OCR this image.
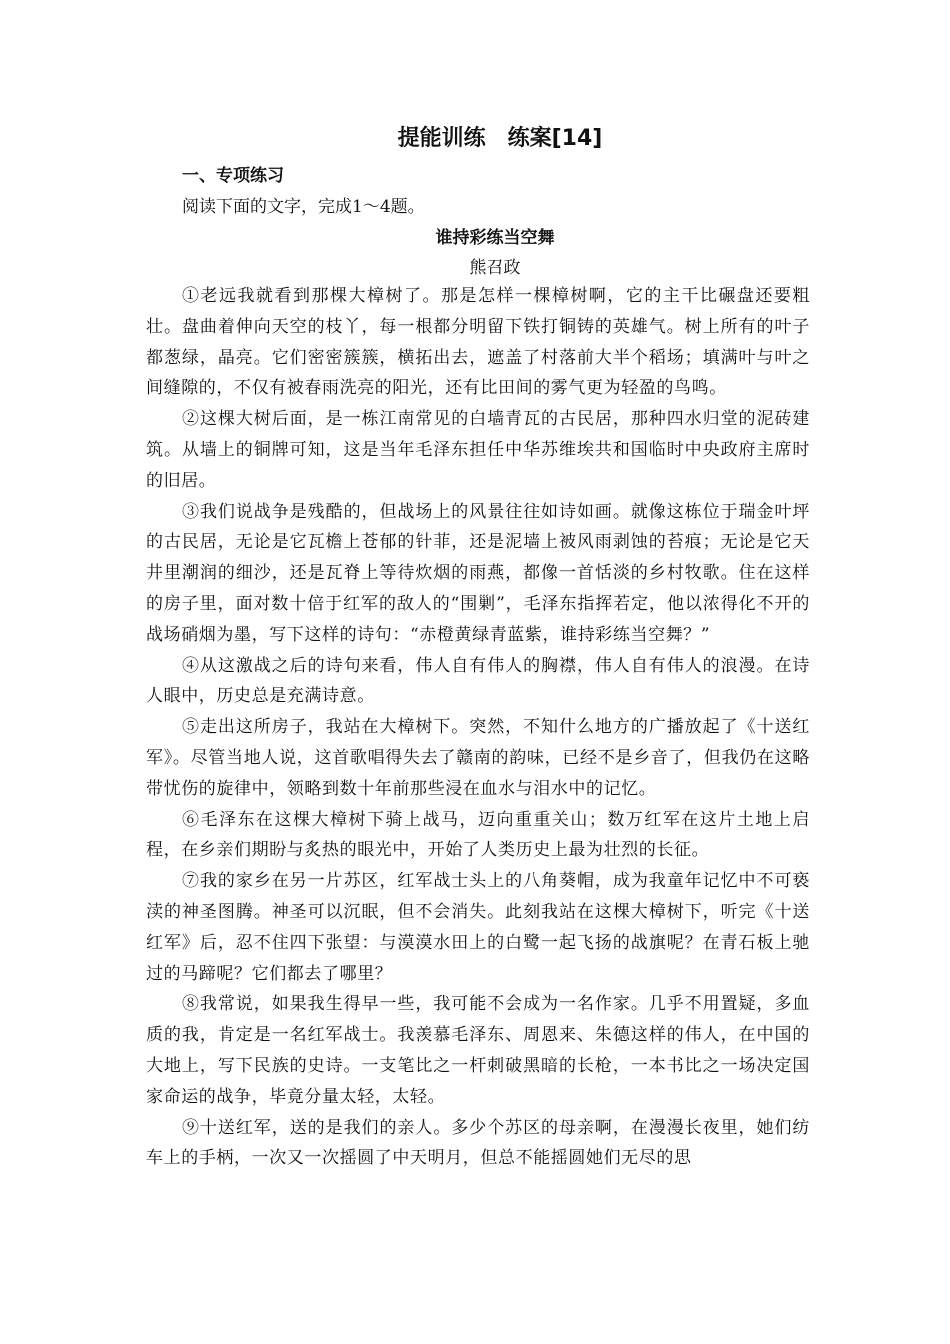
提能训练　练案[14]
一、专项练习
阅读下面的文字，完成1～4题。
谁持彩练当空舞
熊召政

①老远我就看到那棵大樟树了。那是怎样一棵樟树啊，它的主干比碾盘还要粗壮。盘曲着伸向天空的枝丫，每一根都分明留下铁打铜铸的英雄气。树上所有的叶子都葱绿，晶亮。它们密密簇簇，横拓出去，遮盖了村落前大半个稻场；填满叶与叶之间缝隙的，不仅有被春雨洗亮的阳光，还有比田间的雾气更为轻盈的鸟鸣。

②这棵大树后面，是一栋江南常见的白墙青瓦的古民居，那种四水归堂的泥砖建筑。从墙上的铜牌可知，这是当年毛泽东担任中华苏维埃共和国临时中央政府主席时的旧居。

③我们说战争是残酷的，但战场上的风景往往如诗如画。就像这栋位于瑞金叶坪的古民居，无论是它瓦檐上苍郁的针菲，还是泥墙上被风雨剥蚀的苔痕；无论是它天井里潮润的细沙，还是瓦脊上等待炊烟的雨燕，都像一首恬淡的乡村牧歌。住在这样的房子里，面对数十倍于红军的敌人的“围剿”，毛泽东指挥若定，他以浓得化不开的战场硝烟为墨，写下这样的诗句：“赤橙黄绿青蓝紫，谁持彩练当空舞？”

④从这激战之后的诗句来看，伟人自有伟人的胸襟，伟人自有伟人的浪漫。在诗人眼中，历史总是充满诗意。

⑤走出这所房子，我站在大樟树下。突然，不知什么地方的广播放起了《十送红军》。尽管当地人说，这首歌唱得失去了赣南的韵味，已经不是乡音了，但我仍在这略带忧伤的旋律中，领略到数十年前那些浸在血水与泪水中的记忆。

⑥毛泽东在这棵大樟树下骑上战马，迈向重重关山；数万红军在这片土地上启程，在乡亲们期盼与炙热的眼光中，开始了人类历史上最为壮烈的长征。

⑦我的家乡在另一片苏区，红军战士头上的八角葵帽，成为我童年记忆中不可亵渎的神圣图腾。神圣可以沉眠，但不会消失。此刻我站在这棵大樟树下，听完《十送红军》后，忍不住四下张望：与漠漠水田上的白鹭一起飞扬的战旗呢？在青石板上驰过的马蹄呢？它们都去了哪里？

⑧我常说，如果我生得早一些，我可能不会成为一名作家。几乎不用置疑，多血质的我，肯定是一名红军战士。我羡慕毛泽东、周恩来、朱德这样的伟人，在中国的大地上，写下民族的史诗。一支笔比之一杆刺破黑暗的长枪，一本书比之一场决定国家命运的战争，毕竟分量太轻，太轻。

⑨十送红军，送的是我们的亲人。多少个苏区的母亲啊，在漫漫长夜里，她们纺车上的手柄，一次又一次摇圆了中天明月，但总不能摇圆她们无尽的思
